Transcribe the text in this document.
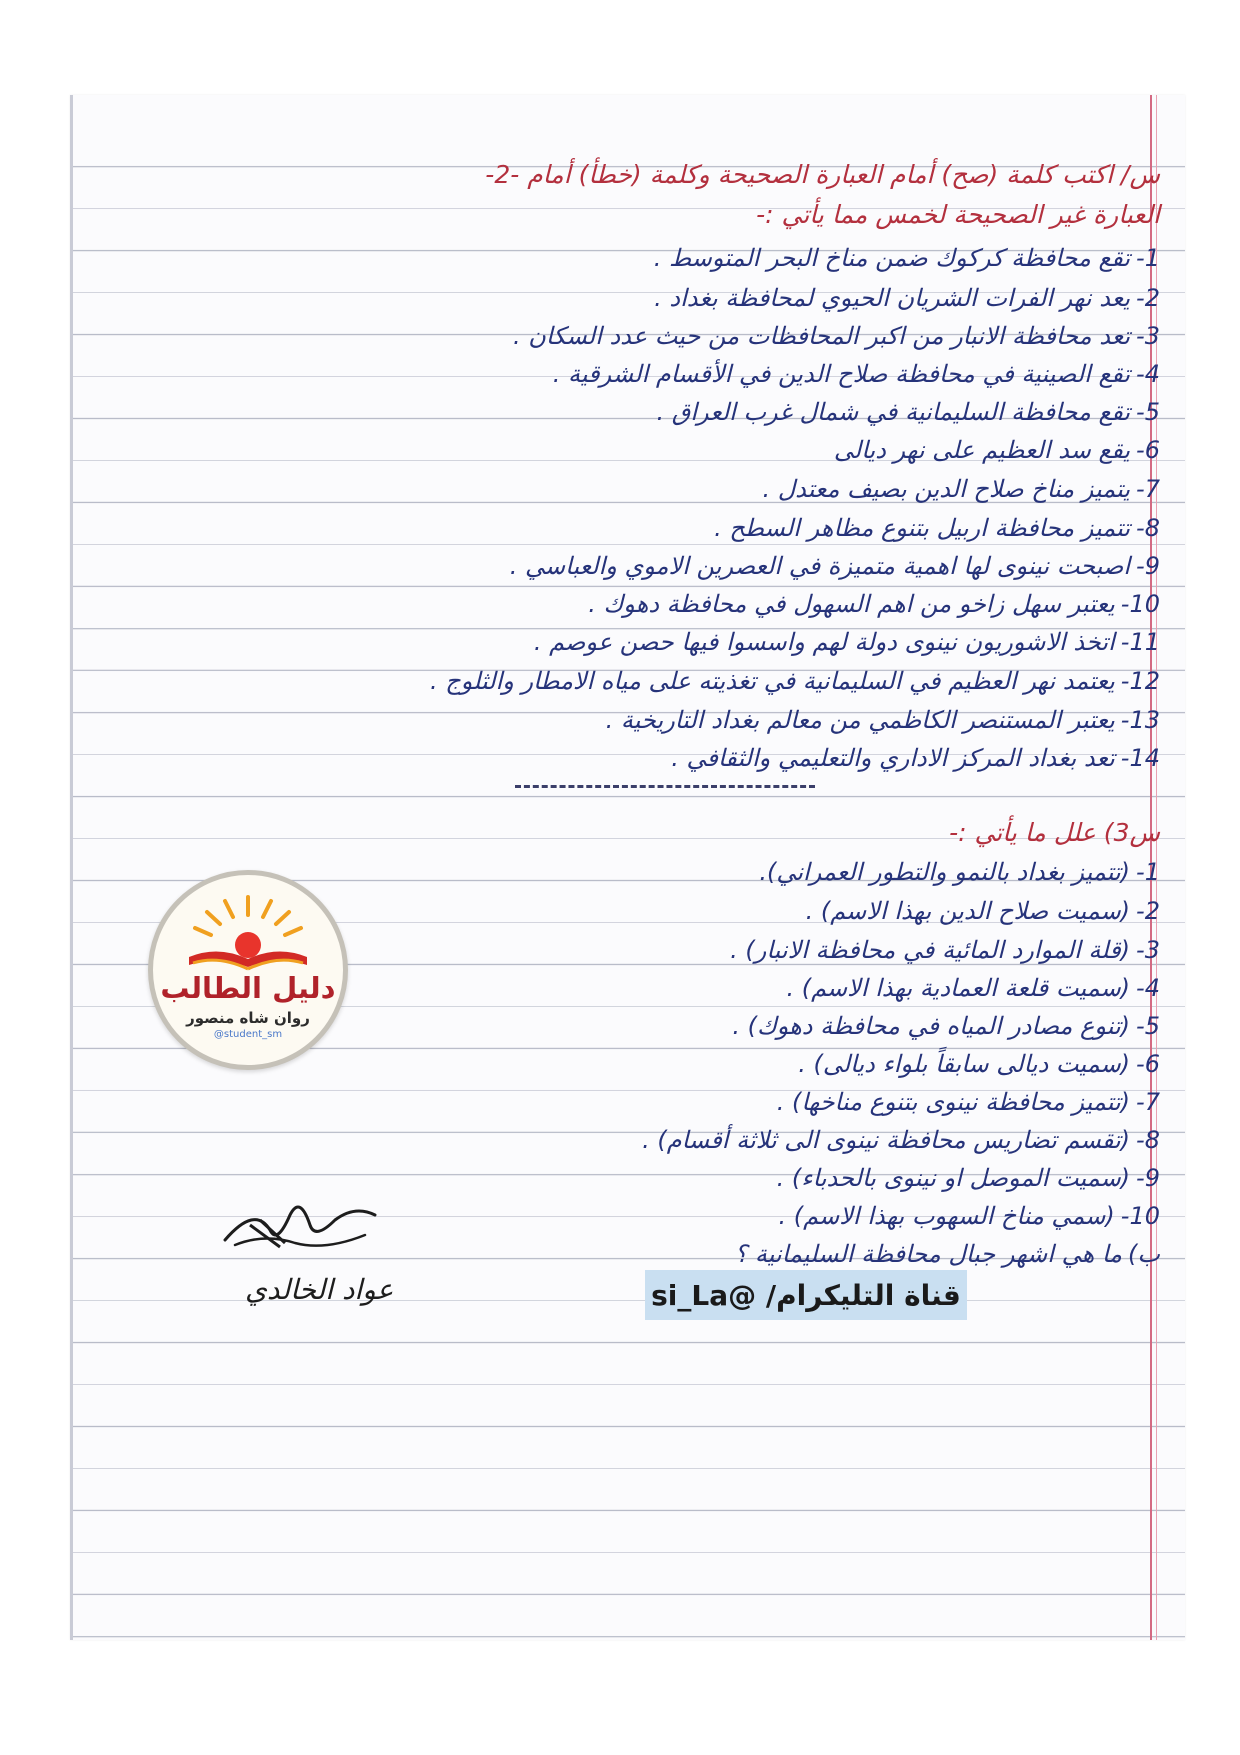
س/ اكتب كلمة (صح) أمام العبارة الصحيحة وكلمة (خطأ) أمام -2-
العبارة غير الصحيحة لخمس مما يأتي :-
1-تقع محافظة كركوك ضمن مناخ البحر المتوسط .
2-يعد نهر الفرات الشريان الحيوي لمحافظة بغداد .
3-تعد محافظة الانبار من اكبر المحافظات من حيث عدد السكان .
4-تقع الصينية في محافظة صلاح الدين في الأقسام الشرقية .
5-تقع محافظة السليمانية في شمال غرب العراق .
6-يقع سد العظيم على نهر ديالى
7-يتميز مناخ صلاح الدين بصيف معتدل .
8-تتميز محافظة اربيل بتنوع مظاهر السطح .
9-اصبحت نينوى لها اهمية متميزة في العصرين الاموي والعباسي .
10-يعتبر سهل زاخو من اهم السهول في محافظة دهوك .
11-اتخذ الاشوريون نينوى دولة لهم واسسوا فيها حصن عوصم .
12-يعتمد نهر العظيم في السليمانية في تغذيته على مياه الامطار والثلوج .
13-يعتبر المستنصر الكاظمي من معالم بغداد التاريخية .
14-تعد بغداد المركز الاداري والتعليمي والثقافي .
س3) علل ما يأتي :-
1-(تتميز بغداد بالنمو والتطور العمراني).
2-(سميت صلاح الدين بهذا الاسم) .
3-(قلة الموارد المائية في محافظة الانبار) .
4-(سميت قلعة العمادية بهذا الاسم) .
5-(تنوع مصادر المياه في محافظة دهوك) .
6-(سميت ديالى سابقاً بلواء ديالى) .
7-(تتميز محافظة نينوى بتنوع مناخها) .
8-(تقسم تضاريس محافظة نينوى الى ثلاثة أقسام) .
9-(سميت الموصل او نينوى بالحدباء) .
10-(سمي مناخ السهوب بهذا الاسم) .
ب)ما هي اشهر جبال محافظة السليمانية ؟
دليل الطالب
روان شاه منصور
@student_sm
عواد الخالدي	قناة التليكرام/ @si_La
